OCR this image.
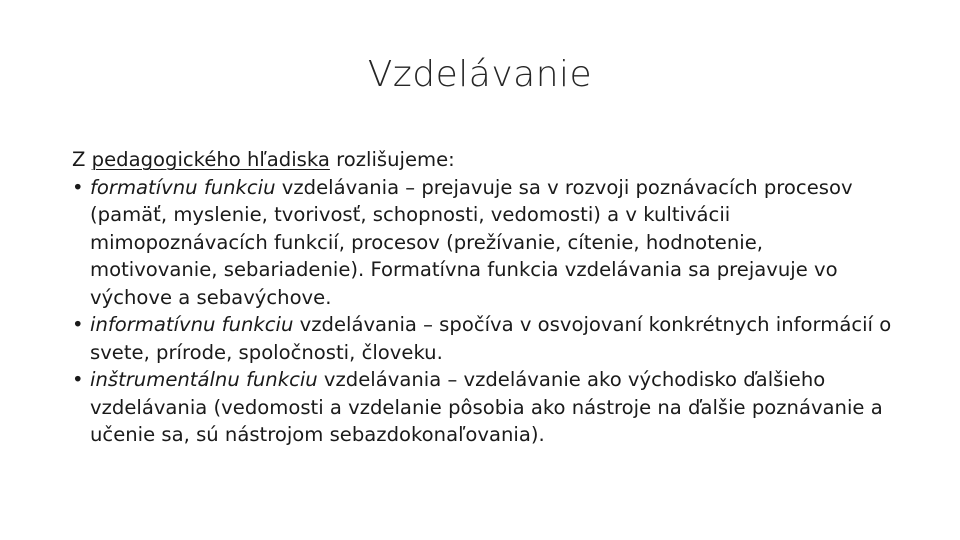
Vzdelávanie

Z pedagogického hľadiska rozlišujeme:

• formatívnu funkciu vzdelávania – prejavuje sa v rozvoji poznávacích procesov (pamäť, myslenie, tvorivosť, schopnosti, vedomosti) a v kultivácii mimopoznávacích funkcií, procesov (prežívanie, cítenie, hodnotenie, motivovanie, sebariadenie). Formatívna funkcia vzdelávania sa prejavuje vo výchove a sebavýchove.

• informatívnu funkciu vzdelávania – spočíva v osvojovaní konkrétnych informácií o svete, prírode, spoločnosti, človeku.

• inštrumentálnu funkciu vzdelávania – vzdelávanie ako východisko ďalšieho vzdelávania (vedomosti a vzdelanie pôsobia ako nástroje na ďalšie poznávanie a učenie sa, sú nástrojom sebazdokonaľovania).
